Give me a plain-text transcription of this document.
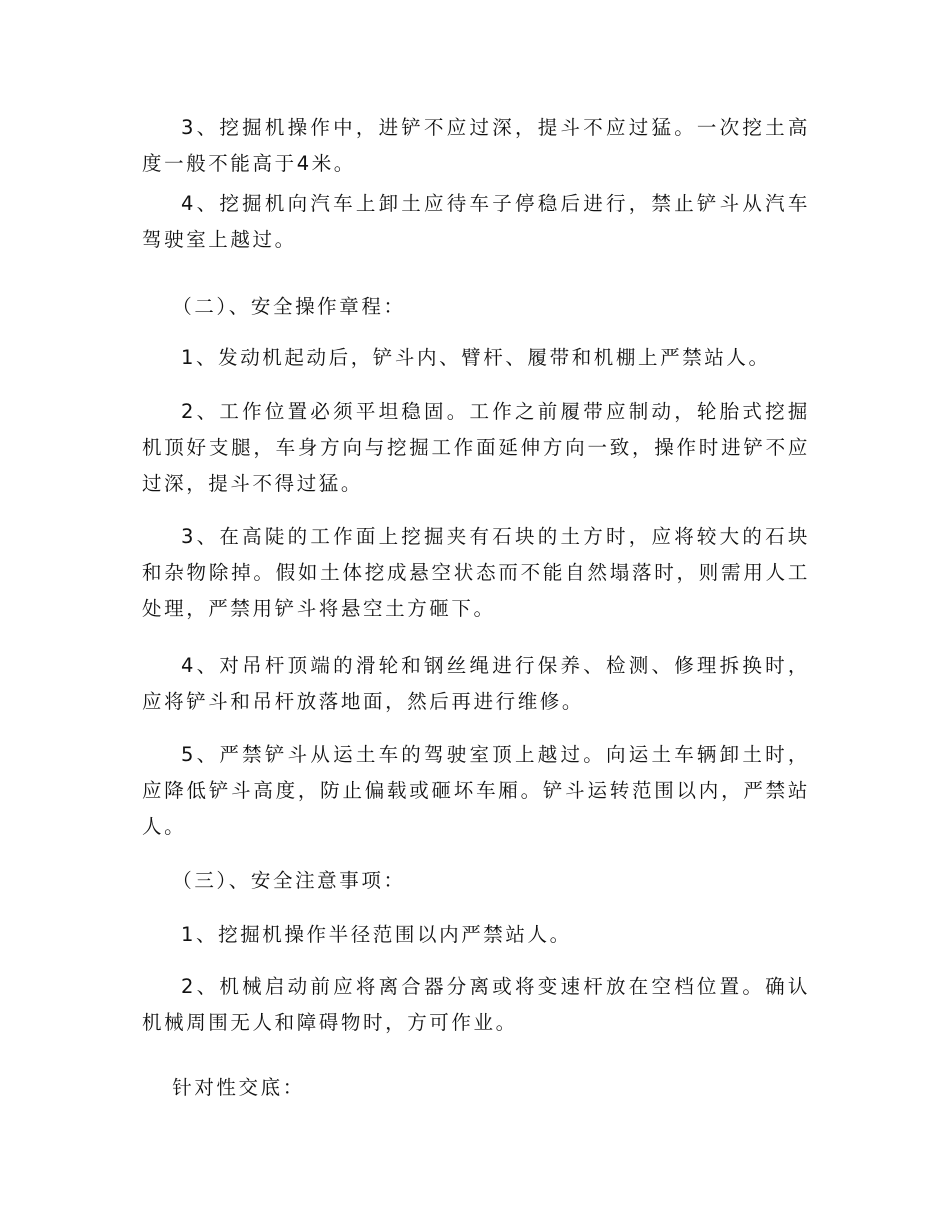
3、挖掘机操作中，进铲不应过深，提斗不应过猛。一次挖土高度一般不能高于4米。

4、挖掘机向汽车上卸土应待车子停稳后进行，禁止铲斗从汽车驾驶室上越过。

（二）、安全操作章程：

1、发动机起动后，铲斗内、臂杆、履带和机棚上严禁站人。

2、工作位置必须平坦稳固。工作之前履带应制动，轮胎式挖掘机顶好支腿，车身方向与挖掘工作面延伸方向一致，操作时进铲不应过深，提斗不得过猛。

3、在高陡的工作面上挖掘夹有石块的土方时，应将较大的石块和杂物除掉。假如土体挖成悬空状态而不能自然塌落时，则需用人工处理，严禁用铲斗将悬空土方砸下。

4、对吊杆顶端的滑轮和钢丝绳进行保养、检测、修理拆换时，应将铲斗和吊杆放落地面，然后再进行维修。

5、严禁铲斗从运土车的驾驶室顶上越过。向运土车辆卸土时，应降低铲斗高度，防止偏载或砸坏车厢。铲斗运转范围以内，严禁站人。

（三）、安全注意事项：

1、挖掘机操作半径范围以内严禁站人。

2、机械启动前应将离合器分离或将变速杆放在空档位置。确认机械周围无人和障碍物时，方可作业。

针对性交底：
